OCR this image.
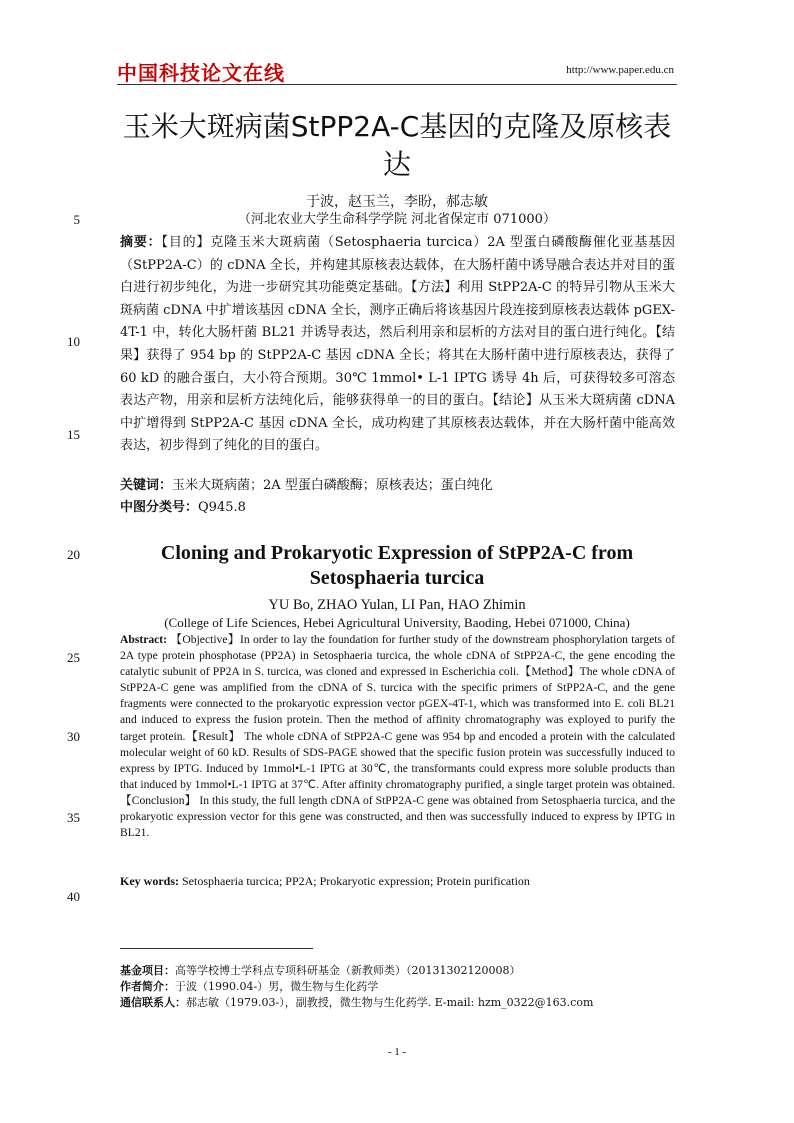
中国科技论文在线	http://www.paper.edu.cn
玉米大斑病菌StPP2A-C基因的克隆及原核表达
于波，赵玉兰，李盼，郝志敏
（河北农业大学生命科学学院 河北省保定市 071000）
5
10
15
20
25
30
35
40
摘要：【目的】克隆玉米大斑病菌（Setosphaeria turcica）2A 型蛋白磷酸酶催化亚基基因（StPP2A-C）的 cDNA 全长，并构建其原核表达载体，在大肠杆菌中诱导融合表达并对目的蛋白进行初步纯化，为进一步研究其功能奠定基础。【方法】利用 StPP2A-C 的特异引物从玉米大斑病菌 cDNA 中扩增该基因 cDNA 全长，测序正确后将该基因片段连接到原核表达载体 pGEX-4T-1 中，转化大肠杆菌 BL21 并诱导表达，然后利用亲和层析的方法对目的蛋白进行纯化。【结果】获得了 954 bp 的 StPP2A-C 基因 cDNA 全长；将其在大肠杆菌中进行原核表达，获得了 60 kD 的融合蛋白，大小符合预期。30℃ 1mmol• L-1 IPTG 诱导 4h 后，可获得较多可溶态表达产物，用亲和层析方法纯化后，能够获得单一的目的蛋白。【结论】从玉米大斑病菌 cDNA 中扩增得到 StPP2A-C 基因 cDNA 全长，成功构建了其原核表达载体，并在大肠杆菌中能高效表达，初步得到了纯化的目的蛋白。
关键词：玉米大斑病菌；2A 型蛋白磷酸酶；原核表达；蛋白纯化
中图分类号：Q945.8
Cloning and Prokaryotic Expression of StPP2A-C from Setosphaeria turcica
YU Bo, ZHAO Yulan, LI Pan, HAO Zhimin
(College of Life Sciences, Hebei Agricultural University, Baoding, Hebei 071000, China)
Abstract: 【Objective】In order to lay the foundation for further study of the downstream phosphorylation targets of 2A type protein phosphotase (PP2A) in Setosphaeria turcica, the whole cDNA of StPP2A-C, the gene encoding the catalytic subunit of PP2A in S. turcica, was cloned and expressed in Escherichia coli.【Method】The whole cDNA of StPP2A-C gene was amplified from the cDNA of S. turcica with the specific primers of StPP2A-C, and the gene fragments were connected to the prokaryotic expression vector pGEX-4T-1, which was transformed into E. coli BL21 and induced to express the fusion protein. Then the method of affinity chromatography was exployed to purify the target protein.【Result】 The whole cDNA of StPP2A-C gene was 954 bp and encoded a protein with the calculated molecular weight of 60 kD. Results of SDS-PAGE showed that the specific fusion protein was successfully induced to express by IPTG. Induced by 1mmol•L-1 IPTG at 30℃, the transformants could express more soluble products than that induced by 1mmol•L-1 IPTG at 37℃. After affinity chromatography purified, a single target protein was obtained. 【Conclusion】 In this study, the full length cDNA of StPP2A-C gene was obtained from Setosphaeria turcica, and the prokaryotic expression vector for this gene was constructed, and then was successfully induced to express by IPTG in BL21.
Key words: Setosphaeria turcica; PP2A; Prokaryotic expression; Protein purification
基金项目：高等学校博士学科点专项科研基金（新教师类）（20131302120008）
作者简介：于波（1990.04-）男，微生物与生化药学
通信联系人：郝志敏（1979.03-），副教授，微生物与生化药学. E-mail: hzm_0322@163.com
- 1 -
